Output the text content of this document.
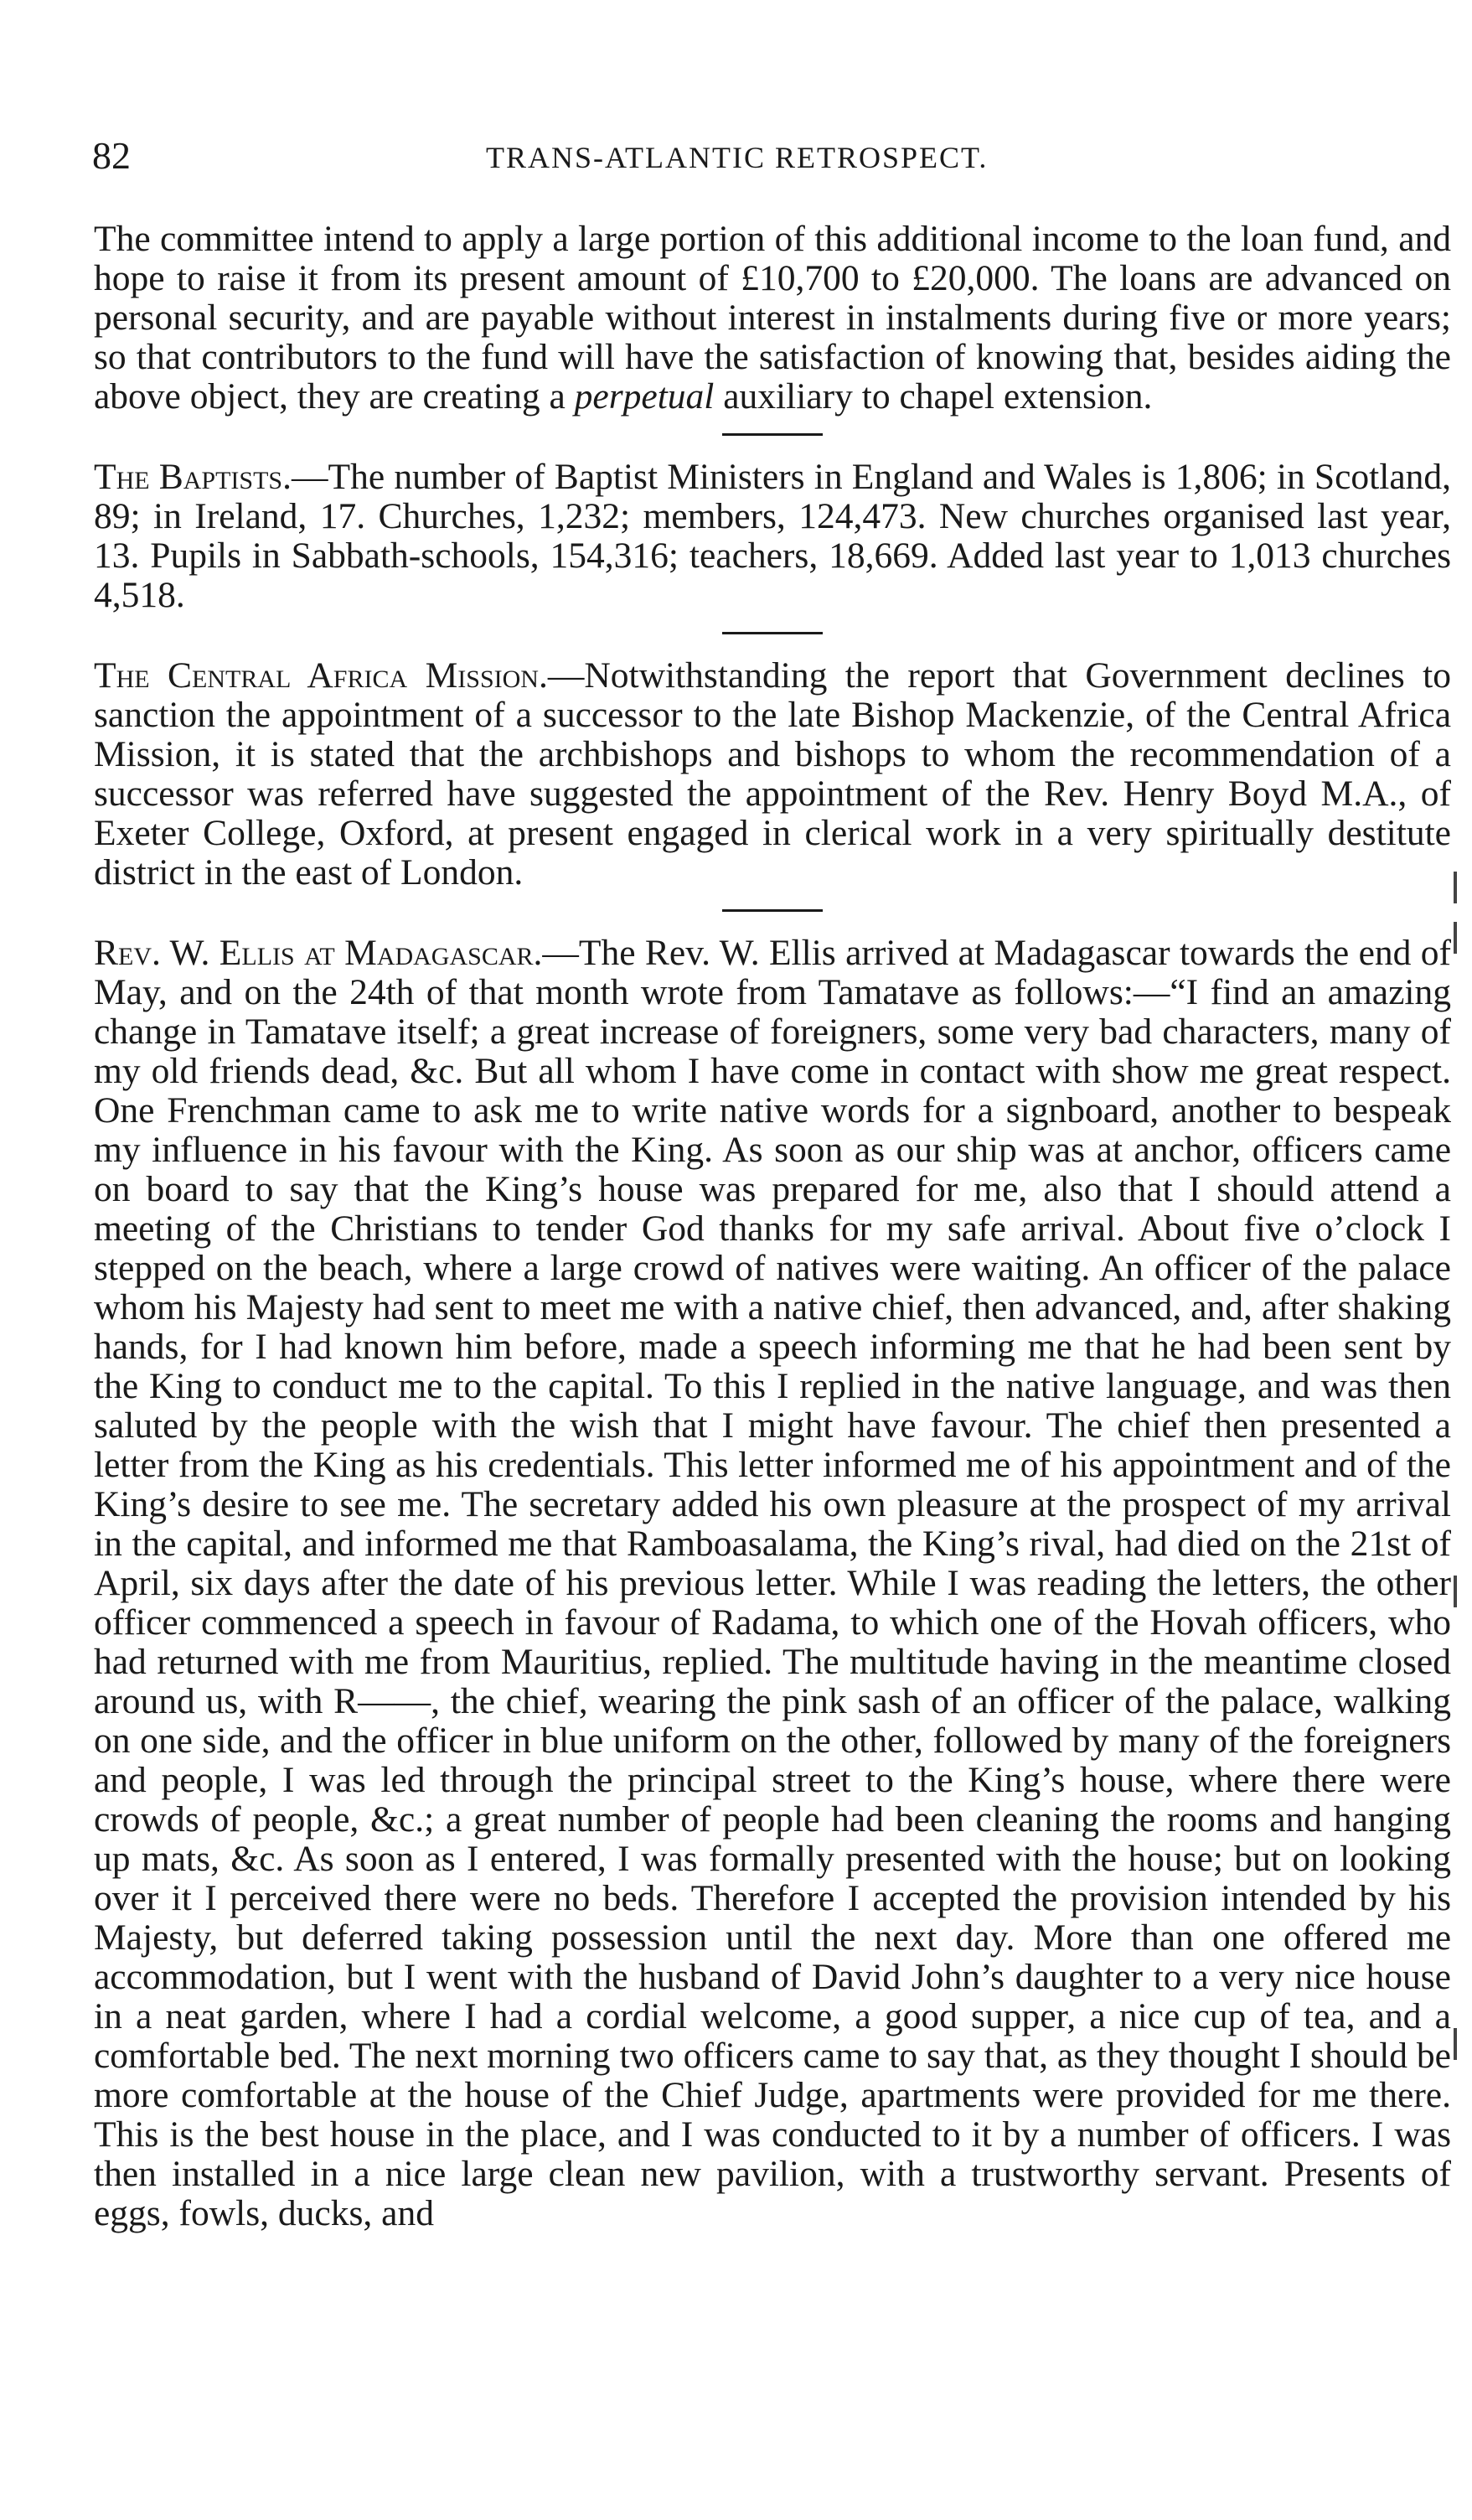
82	TRANS-ATLANTIC RETROSPECT.

The committee intend to apply a large portion of this additional income to the loan fund, and hope to raise it from its present amount of £10,700 to £20,000. The loans are advanced on personal security, and are payable without interest in instalments during five or more years; so that contributors to the fund will have the satisfaction of knowing that, besides aiding the above object, they are creating a perpetual auxiliary to chapel extension.

The Baptists.—The number of Baptist Ministers in England and Wales is 1,806; in Scotland, 89; in Ireland, 17. Churches, 1,232; members, 124,473. New churches organised last year, 13. Pupils in Sabbath-schools, 154,316; teachers, 18,669. Added last year to 1,013 churches 4,518.

The Central Africa Mission.—Notwithstanding the report that Government declines to sanction the appointment of a successor to the late Bishop Mackenzie, of the Central Africa Mission, it is stated that the archbishops and bishops to whom the recommendation of a successor was referred have suggested the appointment of the Rev. Henry Boyd M.A., of Exeter College, Oxford, at present engaged in clerical work in a very spiritually destitute district in the east of London.

Rev. W. Ellis at Madagascar.—The Rev. W. Ellis arrived at Madagascar towards the end of May, and on the 24th of that month wrote from Tamatave as follows:—“I find an amazing change in Tamatave itself; a great increase of foreigners, some very bad characters, many of my old friends dead, &c. But all whom I have come in contact with show me great respect. One Frenchman came to ask me to write native words for a signboard, another to bespeak my influence in his favour with the King. As soon as our ship was at anchor, officers came on board to say that the King’s house was prepared for me, also that I should attend a meeting of the Christians to tender God thanks for my safe arrival. About five o’clock I stepped on the beach, where a large crowd of natives were waiting. An officer of the palace whom his Majesty had sent to meet me with a native chief, then advanced, and, after shaking hands, for I had known him before, made a speech informing me that he had been sent by the King to conduct me to the capital. To this I replied in the native language, and was then saluted by the people with the wish that I might have favour. The chief then presented a letter from the King as his credentials. This letter informed me of his appointment and of the King’s desire to see me. The secretary added his own pleasure at the prospect of my arrival in the capital, and informed me that Ramboasalama, the King’s rival, had died on the 21st of April, six days after the date of his previous letter. While I was reading the letters, the other officer commenced a speech in favour of Radama, to which one of the Hovah officers, who had returned with me from Mauritius, replied. The multitude having in the meantime closed around us, with R——, the chief, wearing the pink sash of an officer of the palace, walking on one side, and the officer in blue uniform on the other, followed by many of the foreigners and people, I was led through the principal street to the King’s house, where there were crowds of people, &c.; a great number of people had been cleaning the rooms and hanging up mats, &c. As soon as I entered, I was formally presented with the house; but on looking over it I perceived there were no beds. Therefore I accepted the provision intended by his Majesty, but deferred taking possession until the next day. More than one offered me accommodation, but I went with the husband of David John’s daughter to a very nice house in a neat garden, where I had a cordial welcome, a good supper, a nice cup of tea, and a comfortable bed. The next morning two officers came to say that, as they thought I should be more comfortable at the house of the Chief Judge, apartments were provided for me there. This is the best house in the place, and I was conducted to it by a number of officers. I was then installed in a nice large clean new pavilion, with a trustworthy servant. Presents of eggs, fowls, ducks, and
